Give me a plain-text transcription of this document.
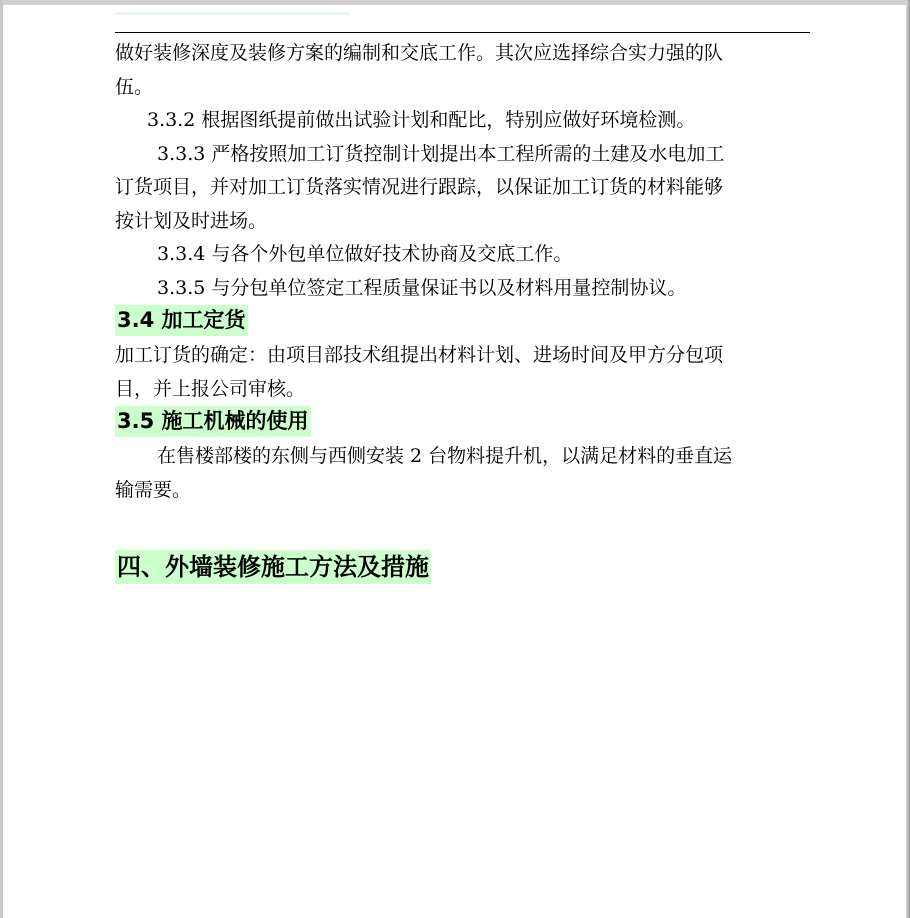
做好装修深度及装修方案的编制和交底工作。其次应选择综合实力强的队

伍。

3.3.2 根据图纸提前做出试验计划和配比，特别应做好环境检测。

3.3.3 严格按照加工订货控制计划提出本工程所需的土建及水电加工

订货项目，并对加工订货落实情况进行跟踪，以保证加工订货的材料能够

按计划及时进场。

3.3.4 与各个外包单位做好技术协商及交底工作。

3.3.5 与分包单位签定工程质量保证书以及材料用量控制协议。

3.4 加工定货

加工订货的确定：由项目部技术组提出材料计划、进场时间及甲方分包项

目，并上报公司审核。

3.5 施工机械的使用

在售楼部楼的东侧与西侧安装 2 台物料提升机，以满足材料的垂直运

输需要。

四、外墙装修施工方法及措施
